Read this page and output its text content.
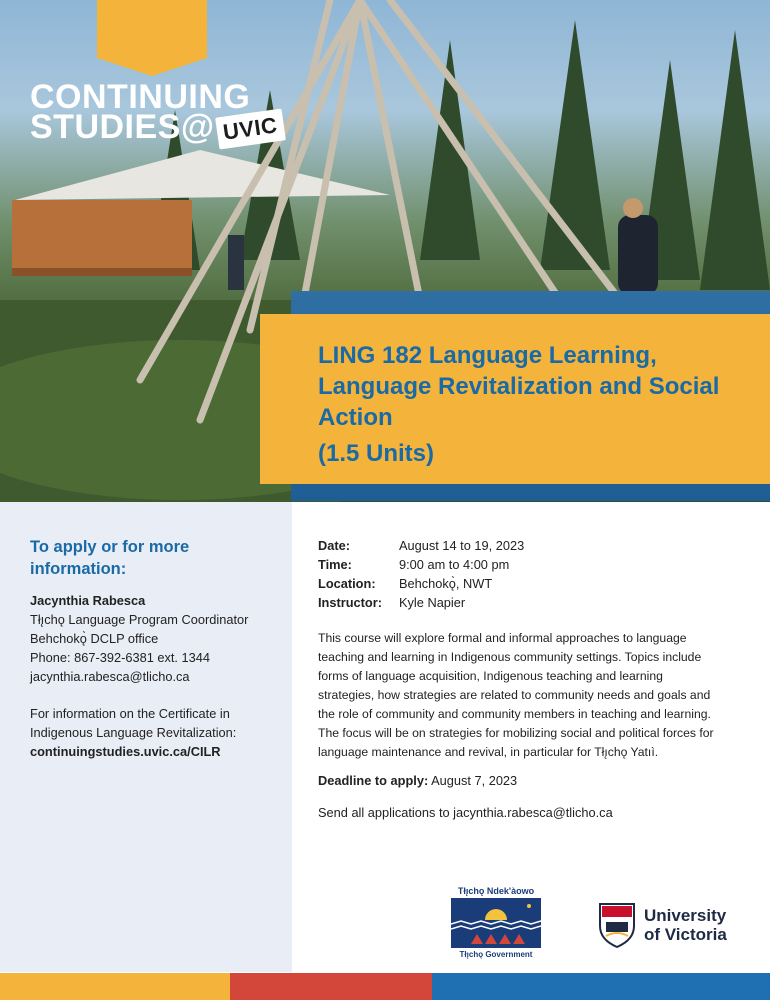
CONTINUING
STUDIES@ UVIC
LING 182 Language Learning, Language Revitalization and Social Action
(1.5 Units)
To apply or for more information:
Jacynthia Rabesca
Tłı̨chǫ Language Program Coordinator
Behchokǫ̀ DCLP office
Phone: 867-392-6381 ext. 1344
jacynthia.rabesca@tlicho.ca
For information on the Certificate in Indigenous Language Revitalization:
continuingstudies.uvic.ca/CILR
Date:	August 14 to 19, 2023
Time:	9:00 am to 4:00 pm
Location:	Behchokǫ̀, NWT
Instructor:	Kyle Napier
This course will explore formal and informal approaches to language teaching and learning in Indigenous community settings. Topics include forms of language acquisition, Indigenous teaching and learning strategies, how strategies are related to community needs and goals and the role of community and community members in teaching and learning. The focus will be on strategies for mobilizing social and political forces for language maintenance and revival, in particular for Tłı̨chǫ Yatıì.
Deadline to apply: August 7, 2023
Send all applications to jacynthia.rabesca@tlicho.ca
Tłı̨chǫ Ndek'àowo
Tłı̨chǫ Government
University
of Victoria
